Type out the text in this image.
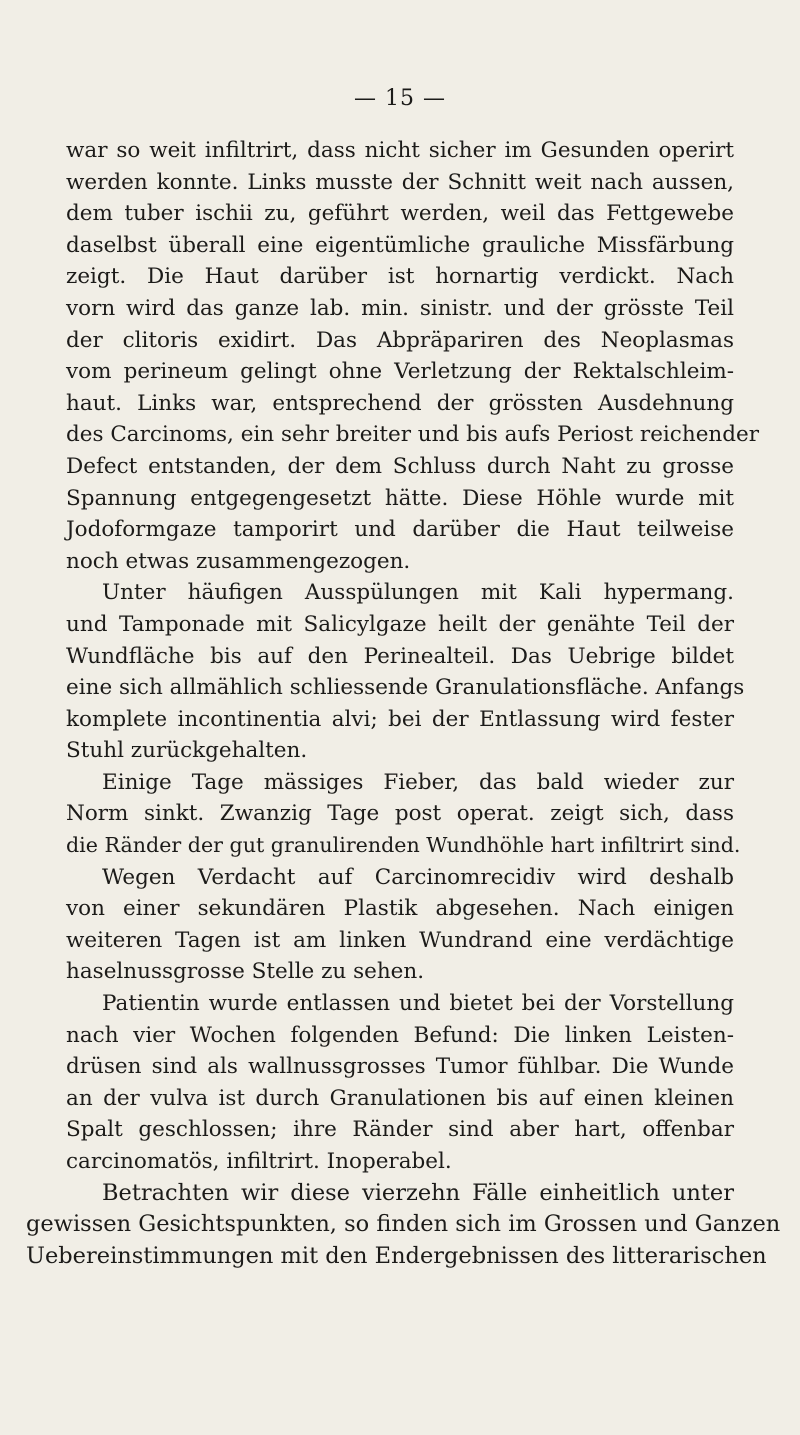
— 15 —
war so weit infiltrirt, dass nicht sicher im Gesunden operirt
werden konnte. Links musste der Schnitt weit nach aussen,
dem tuber ischii zu, geführt werden, weil das Fettgewebe
daselbst überall eine eigentümliche grauliche Missfärbung
zeigt. Die Haut darüber ist hornartig verdickt. Nach
vorn wird das ganze lab. min. sinistr. und der grösste Teil
der clitoris exidirt. Das Abpräpariren des Neoplasmas
vom perineum gelingt ohne Verletzung der Rektalschleim-
haut. Links war, entsprechend der grössten Ausdehnung
des Carcinoms, ein sehr breiter und bis aufs Periost reichender
Defect entstanden, der dem Schluss durch Naht zu grosse
Spannung entgegengesetzt hätte. Diese Höhle wurde mit
Jodoformgaze tamporirt und darüber die Haut teilweise
noch etwas zusammengezogen.
Unter häufigen Ausspülungen mit Kali hypermang.
und Tamponade mit Salicylgaze heilt der genähte Teil der
Wundfläche bis auf den Perinealteil. Das Uebrige bildet
eine sich allmählich schliessende Granulationsfläche. Anfangs
komplete incontinentia alvi; bei der Entlassung wird fester
Stuhl zurückgehalten.
Einige Tage mässiges Fieber, das bald wieder zur
Norm sinkt. Zwanzig Tage post operat. zeigt sich, dass
die Ränder der gut granulirenden Wundhöhle hart infiltrirt sind.
Wegen Verdacht auf Carcinomrecidiv wird deshalb
von einer sekundären Plastik abgesehen. Nach einigen
weiteren Tagen ist am linken Wundrand eine verdächtige
haselnussgrosse Stelle zu sehen.
Patientin wurde entlassen und bietet bei der Vorstellung
nach vier Wochen folgenden Befund: Die linken Leisten-
drüsen sind als wallnussgrosses Tumor fühlbar. Die Wunde
an der vulva ist durch Granulationen bis auf einen kleinen
Spalt geschlossen; ihre Ränder sind aber hart, offenbar
carcinomatös, infiltrirt. Inoperabel.
Betrachten wir diese vierzehn Fälle einheitlich unter
gewissen Gesichtspunkten, so finden sich im Grossen und Ganzen
Uebereinstimmungen mit den Endergebnissen des litterarischen
